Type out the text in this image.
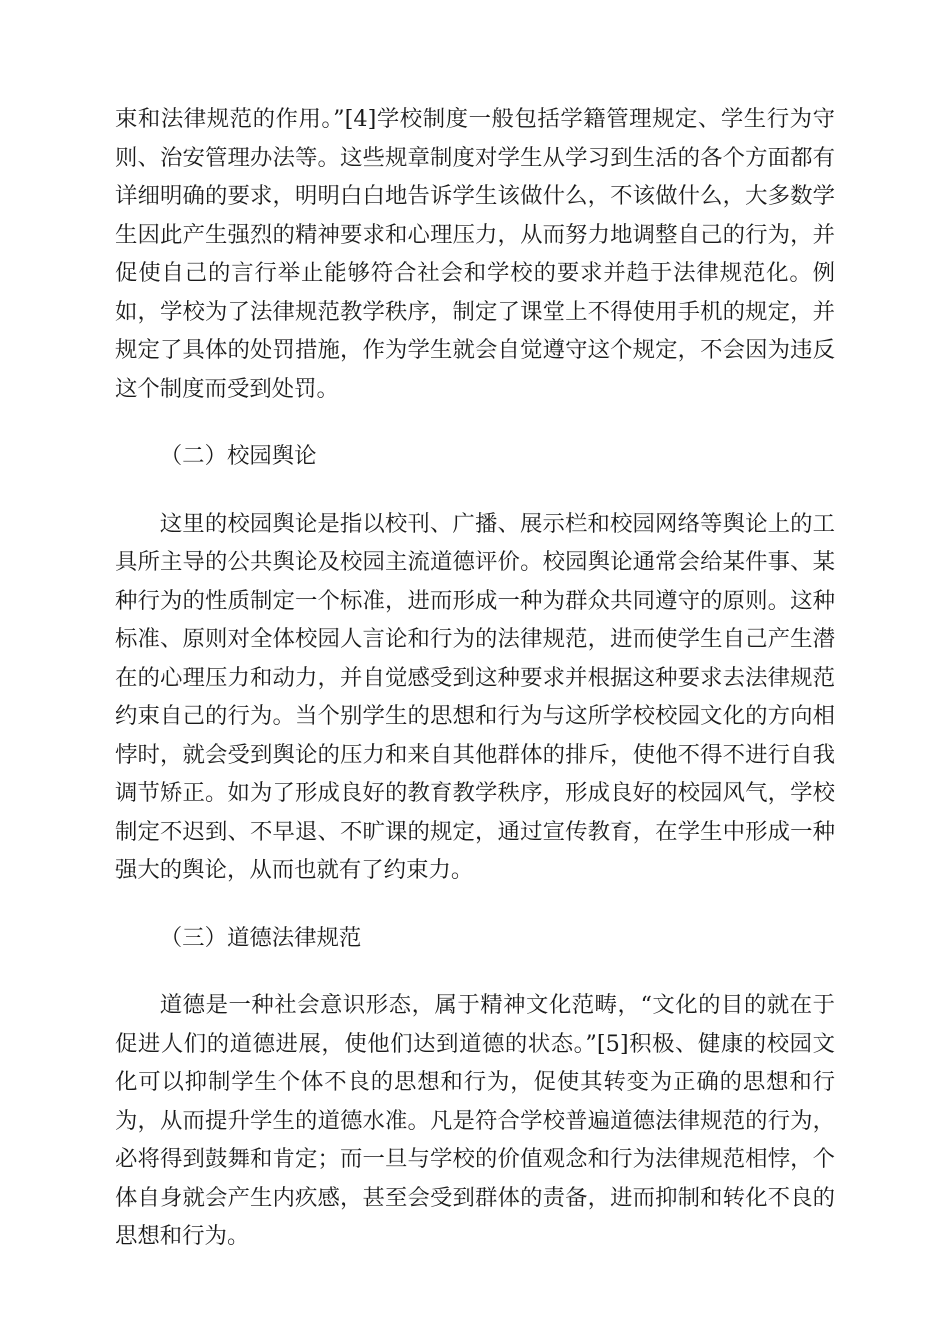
束和法律规范的作用。”[4]学校制度一般包括学籍管理规定、学生行为守则、治安管理办法等。这些规章制度对学生从学习到生活的各个方面都有详细明确的要求，明明白白地告诉学生该做什么，不该做什么，大多数学生因此产生强烈的精神要求和心理压力，从而努力地调整自己的行为，并促使自己的言行举止能够符合社会和学校的要求并趋于法律规范化。例如，学校为了法律规范教学秩序，制定了课堂上不得使用手机的规定，并规定了具体的处罚措施，作为学生就会自觉遵守这个规定，不会因为违反这个制度而受到处罚。

（二）校园舆论

这里的校园舆论是指以校刊、广播、展示栏和校园网络等舆论上的工具所主导的公共舆论及校园主流道德评价。校园舆论通常会给某件事、某种行为的性质制定一个标准，进而形成一种为群众共同遵守的原则。这种标准、原则对全体校园人言论和行为的法律规范，进而使学生自己产生潜在的心理压力和动力，并自觉感受到这种要求并根据这种要求去法律规范约束自己的行为。当个别学生的思想和行为与这所学校校园文化的方向相悖时，就会受到舆论的压力和来自其他群体的排斥，使他不得不进行自我调节矫正。如为了形成良好的教育教学秩序，形成良好的校园风气，学校制定不迟到、不早退、不旷课的规定，通过宣传教育，在学生中形成一种强大的舆论，从而也就有了约束力。

（三）道德法律规范

道德是一种社会意识形态，属于精神文化范畴，“文化的目的就在于促进人们的道德进展，使他们达到道德的状态。”[5]积极、健康的校园文化可以抑制学生个体不良的思想和行为，促使其转变为正确的思想和行为，从而提升学生的道德水准。凡是符合学校普遍道德法律规范的行为，必将得到鼓舞和肯定；而一旦与学校的价值观念和行为法律规范相悖，个体自身就会产生内疚感，甚至会受到群体的责备，进而抑制和转化不良的思想和行为。
